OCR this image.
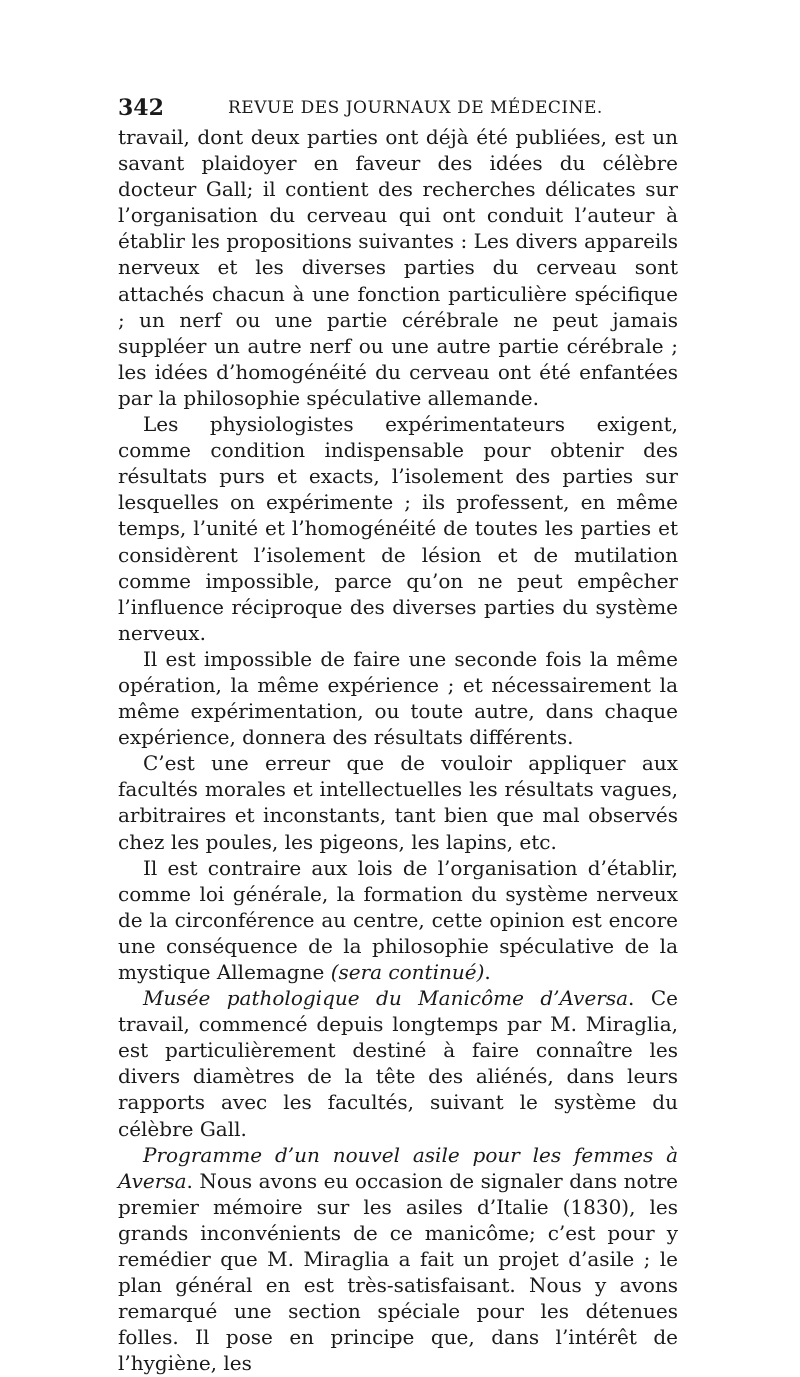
342	REVUE DES JOURNAUX DE MÉDECINE.

travail, dont deux parties ont déjà été publiées, est un savant plaidoyer en faveur des idées du célèbre docteur Gall; il contient des recherches délicates sur l’organisation du cerveau qui ont conduit l’auteur à établir les propositions suivantes : Les divers appareils nerveux et les diverses parties du cerveau sont attachés chacun à une fonction particulière spécifique ; un nerf ou une partie cérébrale ne peut jamais suppléer un autre nerf ou une autre partie cérébrale ; les idées d’homogénéité du cerveau ont été enfantées par la philosophie spéculative allemande.

Les physiologistes expérimentateurs exigent, comme condition indispensable pour obtenir des résultats purs et exacts, l’isolement des parties sur lesquelles on expérimente ; ils professent, en même temps, l’unité et l’homogénéité de toutes les parties et considèrent l’isolement de lésion et de mutilation comme impossible, parce qu’on ne peut empêcher l’influence réciproque des diverses parties du système nerveux.

Il est impossible de faire une seconde fois la même opération, la même expérience ; et nécessairement la même expérimentation, ou toute autre, dans chaque expérience, donnera des résultats différents.

C’est une erreur que de vouloir appliquer aux facultés morales et intellectuelles les résultats vagues, arbitraires et inconstants, tant bien que mal observés chez les poules, les pigeons, les lapins, etc.

Il est contraire aux lois de l’organisation d’établir, comme loi générale, la formation du système nerveux de la circonférence au centre, cette opinion est encore une conséquence de la philosophie spéculative de la mystique Allemagne (sera continué).

Musée pathologique du Manicôme d’Aversa. Ce travail, commencé depuis longtemps par M. Miraglia, est particulièrement destiné à faire connaître les divers diamètres de la tête des aliénés, dans leurs rapports avec les facultés, suivant le système du célèbre Gall.

Programme d’un nouvel asile pour les femmes à Aversa. Nous avons eu occasion de signaler dans notre premier mémoire sur les asiles d’Italie (1830), les grands inconvénients de ce manicôme; c’est pour y remédier que M. Miraglia a fait un projet d’asile ; le plan général en est très-satisfaisant. Nous y avons remarqué une section spéciale pour les détenues folles. Il pose en principe que, dans l’intérêt de l’hygiène, les
